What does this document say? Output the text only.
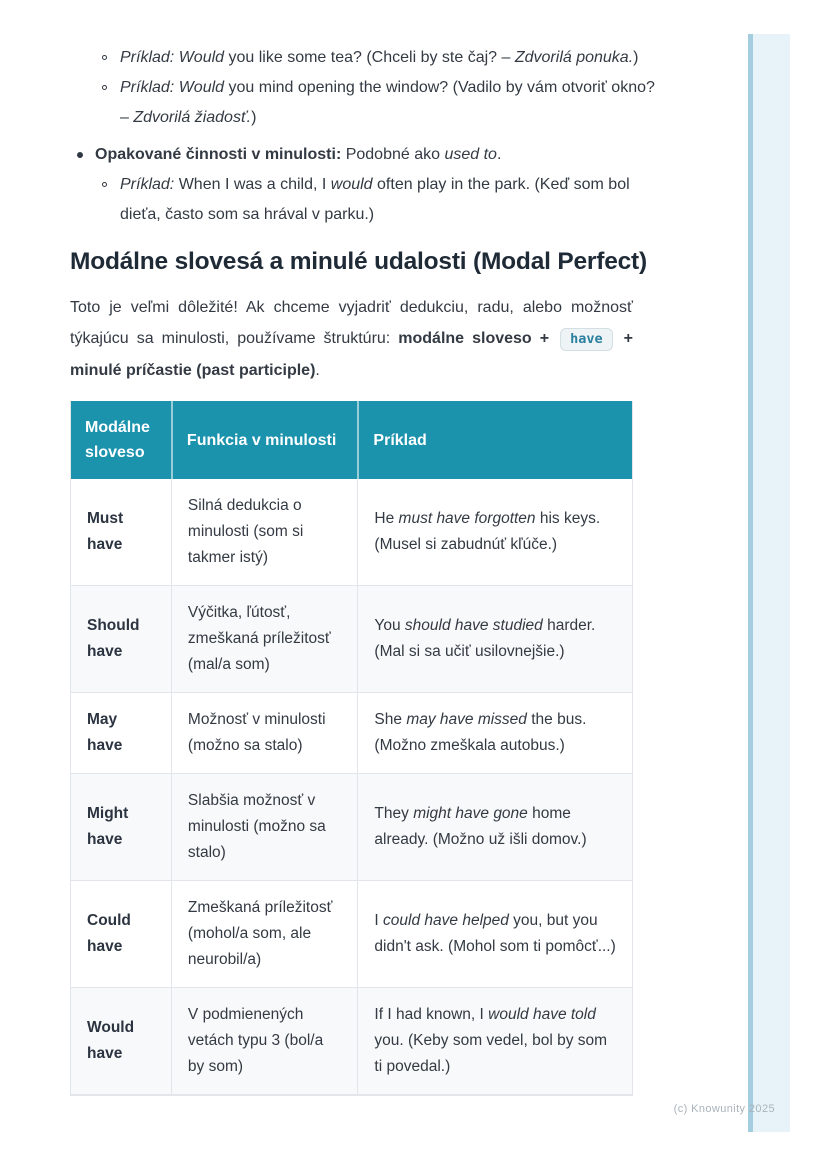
Príklad: Would you like some tea? (Chceli by ste čaj? – Zdvorilá ponuka.)
Príklad: Would you mind opening the window? (Vadilo by vám otvoriť okno? – Zdvorilá žiadosť.)
Opakované činnosti v minulosti: Podobné ako used to.
Príklad: When I was a child, I would often play in the park. (Keď som bol dieťa, často som sa hrával v parku.)
Modálne slovesá a minulé udalosti (Modal Perfect)

Toto je veľmi dôležité! Ak chceme vyjadriť dedukciu, radu, alebo možnosť týkajúcu sa minulosti, používame štruktúru: modálne sloveso + have + minulé príčastie (past participle).

Modálne sloveso	Funkcia v minulosti	Príklad
Must have	Silná dedukcia o minulosti (som si takmer istý)	He must have forgotten his keys. (Musel si zabudnúť kľúče.)
Should have	Výčitka, ľútosť, zmeškaná príležitosť (mal/a som)	You should have studied harder. (Mal si sa učiť usilovnejšie.)
May have	Možnosť v minulosti (možno sa stalo)	She may have missed the bus. (Možno zmeškala autobus.)
Might have	Slabšia možnosť v minulosti (možno sa stalo)	They might have gone home already. (Možno už išli domov.)
Could have	Zmeškaná príležitosť (mohol/a som, ale neurobil/a)	I could have helped you, but you didn't ask. (Mohol som ti pomôcť...)
Would have	V podmienených vetách typu 3 (bol/a by som)	If I had known, I would have told you. (Keby som vedel, bol by som ti povedal.)
(c) Knowunity 2025
